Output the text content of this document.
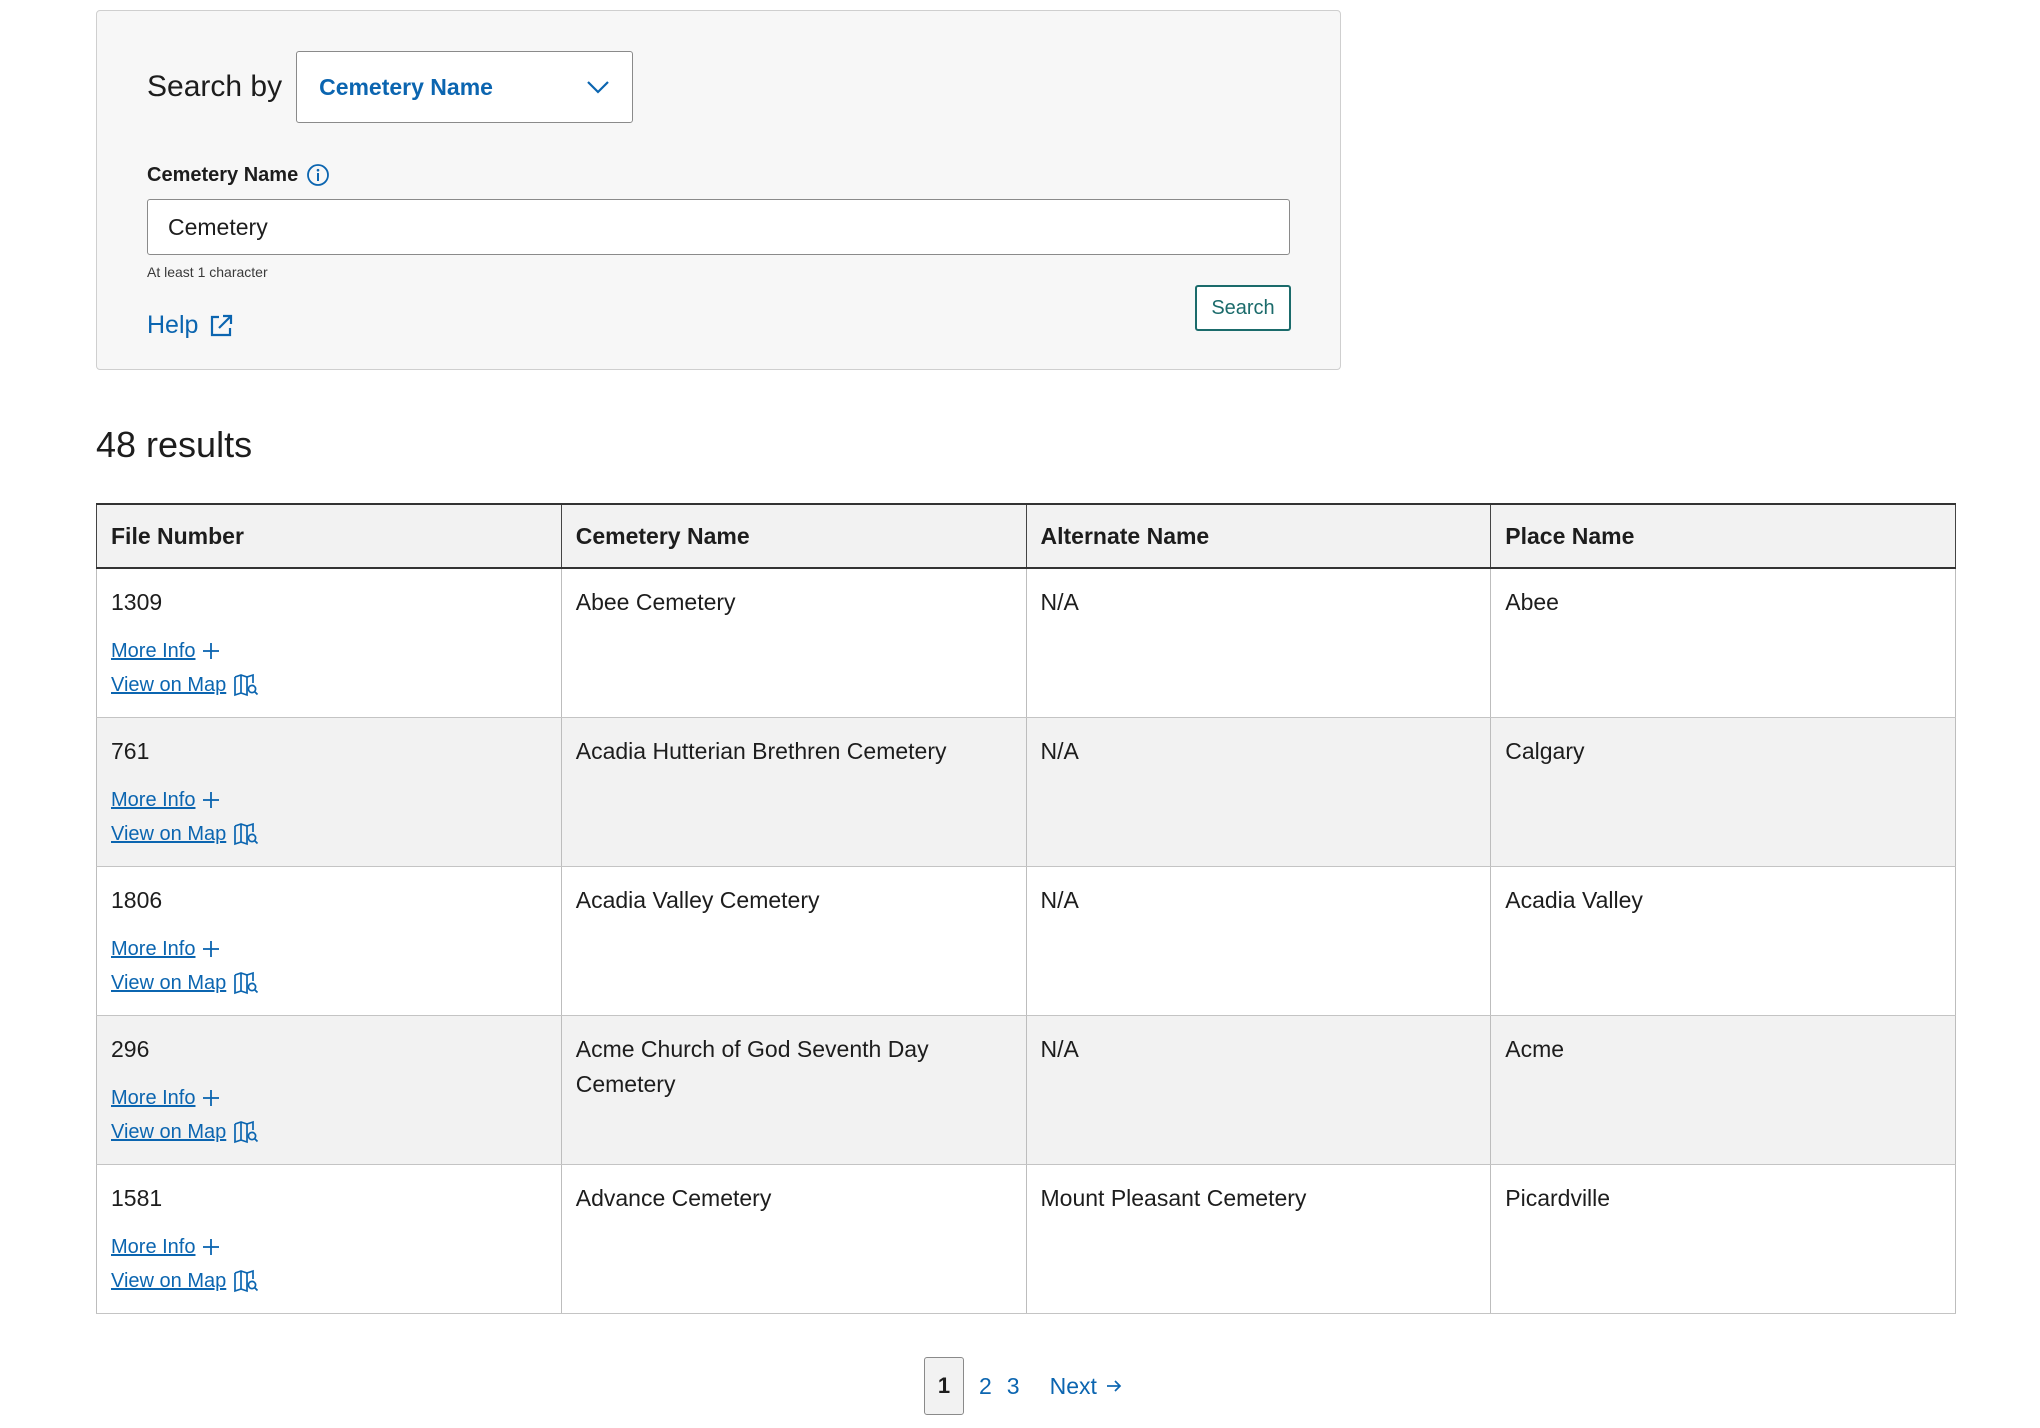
Search by Cemetery Name
Cemetery Name
Cemetery
At least 1 character
Help
Search
48 results
File Number	Cemetery Name	Alternate Name	Place Name

1309
More Info
View on Map	Abee Cemetery	N/A	Abee

761
More Info
View on Map	Acadia Hutterian Brethren Cemetery	N/A	Calgary

1806
More Info
View on Map	Acadia Valley Cemetery	N/A	Acadia Valley

296
More Info
View on Map	Acme Church of God Seventh Day Cemetery	N/A	Acme

1581
More Info
View on Map	Advance Cemetery	Mount Pleasant Cemetery	Picardville
1	2 3 Next
